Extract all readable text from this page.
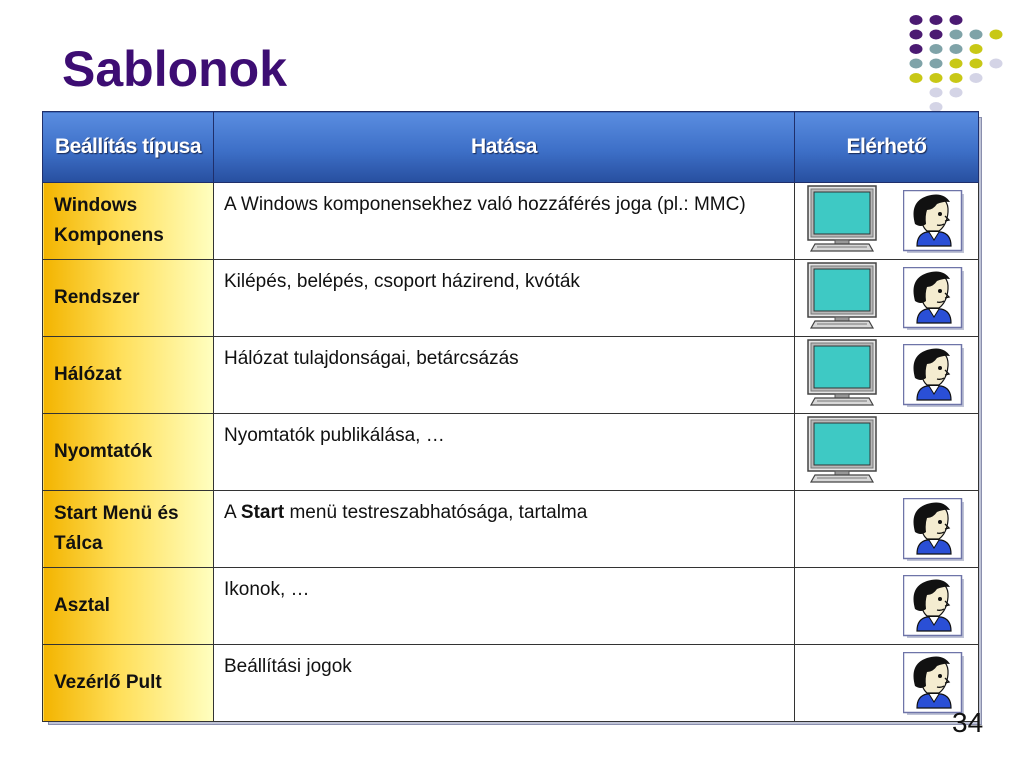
Sablonok
Beállítás típusa	Hatása	Elérhető
Windows Komponens	A Windows komponensekhez való hozzáférés joga (pl.: MMC)	

Rendszer	Kilépés, belépés, csoport házirend, kvóták	

Hálózat	Hálózat tulajdonságai, betárcsázás	

Nyomtatók	Nyomtatók publikálása, …	

Start Menü és Tálca	A Start menü testreszabhatósága, tartalma	

Asztal	Ikonok, …	

Vezérlő Pult	Beállítási jogok	
34
